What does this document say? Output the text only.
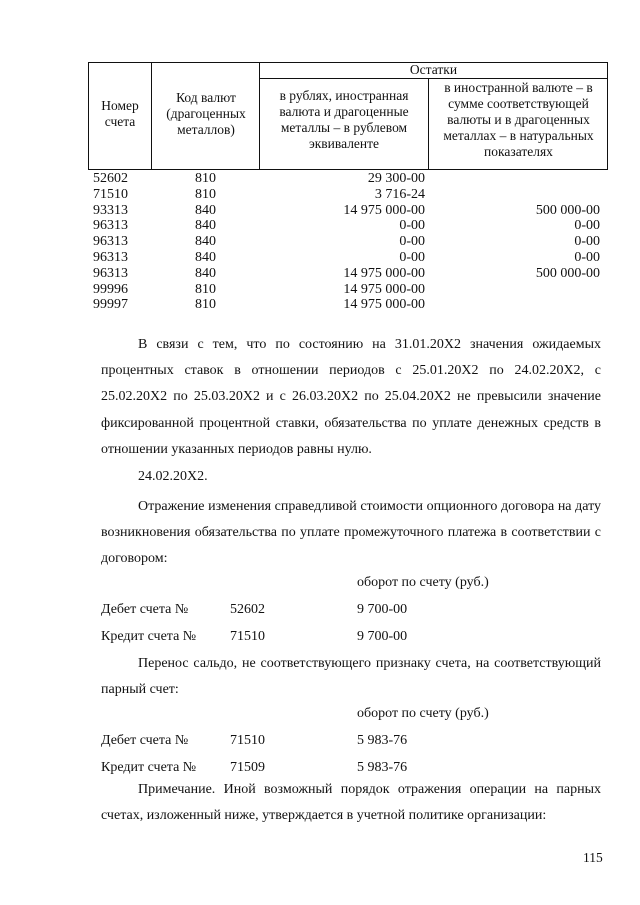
Номер счета
Код валют (драгоценных металлов)
Остатки
в рублях, иностранная валюта и драгоценные металлы – в рублевом эквиваленте
в иностранной валюте – в сумме соответствующей валюты и в драгоценных металлах – в натуральных показателях
52602	810	29 300-00
71510	810	3 716-24
93313	840	14 975 000-00	500 000-00
96313	840	0-00	0-00
96313	840	0-00	0-00
96313	840	0-00	0-00
96313	840	14 975 000-00	500 000-00
99996	810	14 975 000-00
99997	810	14 975 000-00
В связи с тем, что по состоянию на 31.01.20Х2 значения ожидаемых процентных ставок в отношении периодов с 25.01.20Х2 по 24.02.20Х2, с 25.02.20Х2 по 25.03.20Х2 и с 26.03.20Х2 по 25.04.20Х2 не превысили значение фиксированной процентной ставки, обязательства по уплате денежных средств в отношении указанных периодов равны нулю.
24.02.20Х2.
Отражение изменения справедливой стоимости опционного договора на дату возникновения обязательства по уплате промежуточного платежа в соответствии с договором:
оборот по счету (руб.)
Дебет счета №	52602	9 700-00
Кредит счета № 71510	9 700-00
Перенос сальдо, не соответствующего признаку счета, на соответствующий парный счет:
оборот по счету (руб.)
Дебет счета №	71510	5 983-76
Кредит счета № 71509	5 983-76
Примечание. Иной возможный порядок отражения операции на парных счетах, изложенный ниже, утверждается в учетной политике организации:
115
